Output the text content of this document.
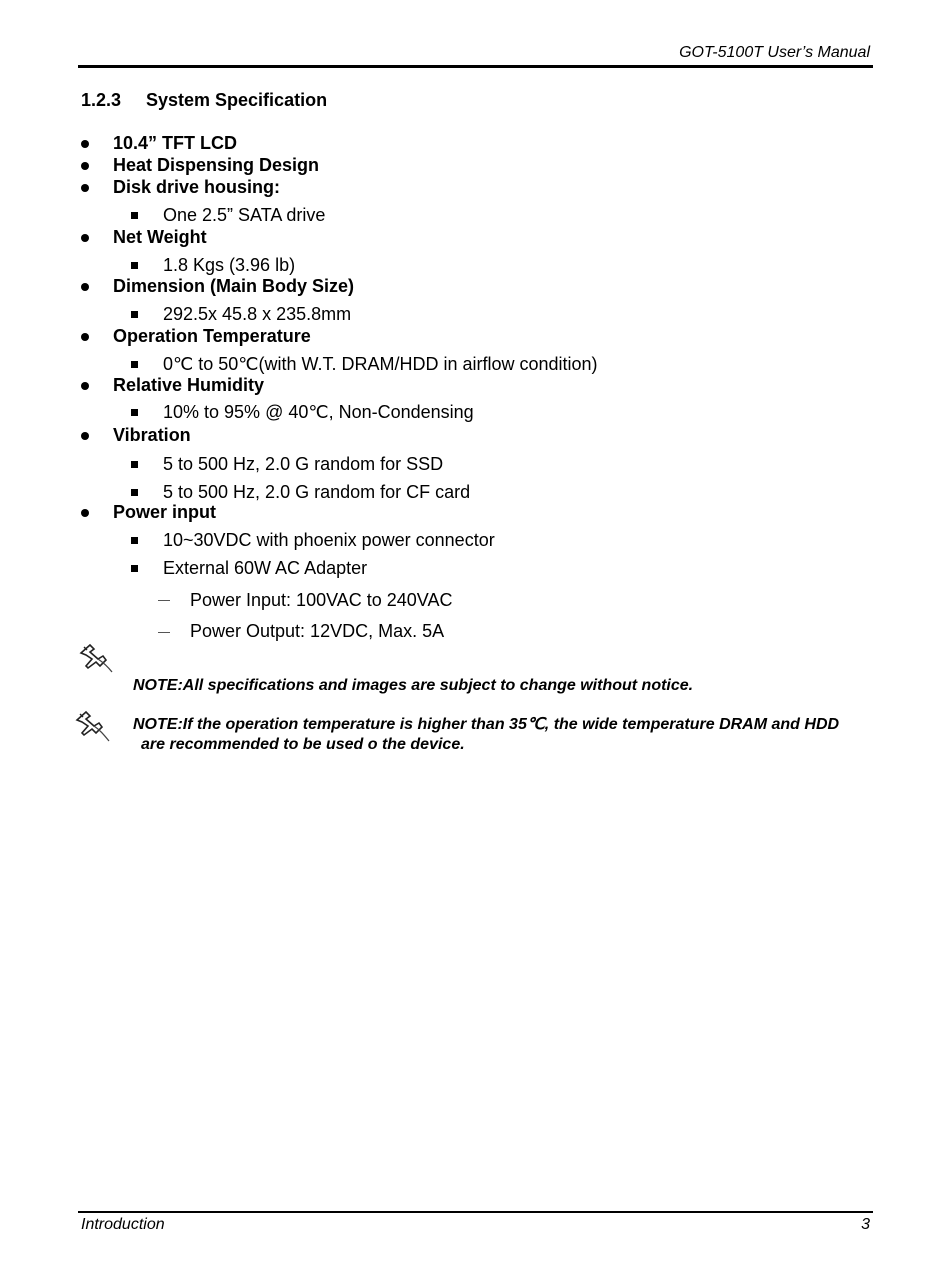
GOT-5100T User’s Manual
1.2.3 System Specification
10.4” TFT LCD
Heat Dispensing Design
Disk drive housing:
One 2.5” SATA drive
Net Weight
1.8 Kgs (3.96 lb)
Dimension (Main Body Size)
292.5x 45.8 x 235.8mm
Operation Temperature
0℃ to 50℃(with W.T. DRAM/HDD in airflow condition)
Relative Humidity
10% to 95% @ 40℃, Non-Condensing
Vibration
5 to 500 Hz, 2.0 G random for SSD
5 to 500 Hz, 2.0 G random for CF card
Power input
10~30VDC with phoenix power connector
External 60W AC Adapter
Power Input: 100VAC to 240VAC
Power Output: 12VDC, Max. 5A
NOTE:All specifications and images are subject to change without notice.
NOTE:If the operation temperature is higher than 35℃, the wide temperature DRAM and HDD
are recommended to be used o the device.
Introduction	3
